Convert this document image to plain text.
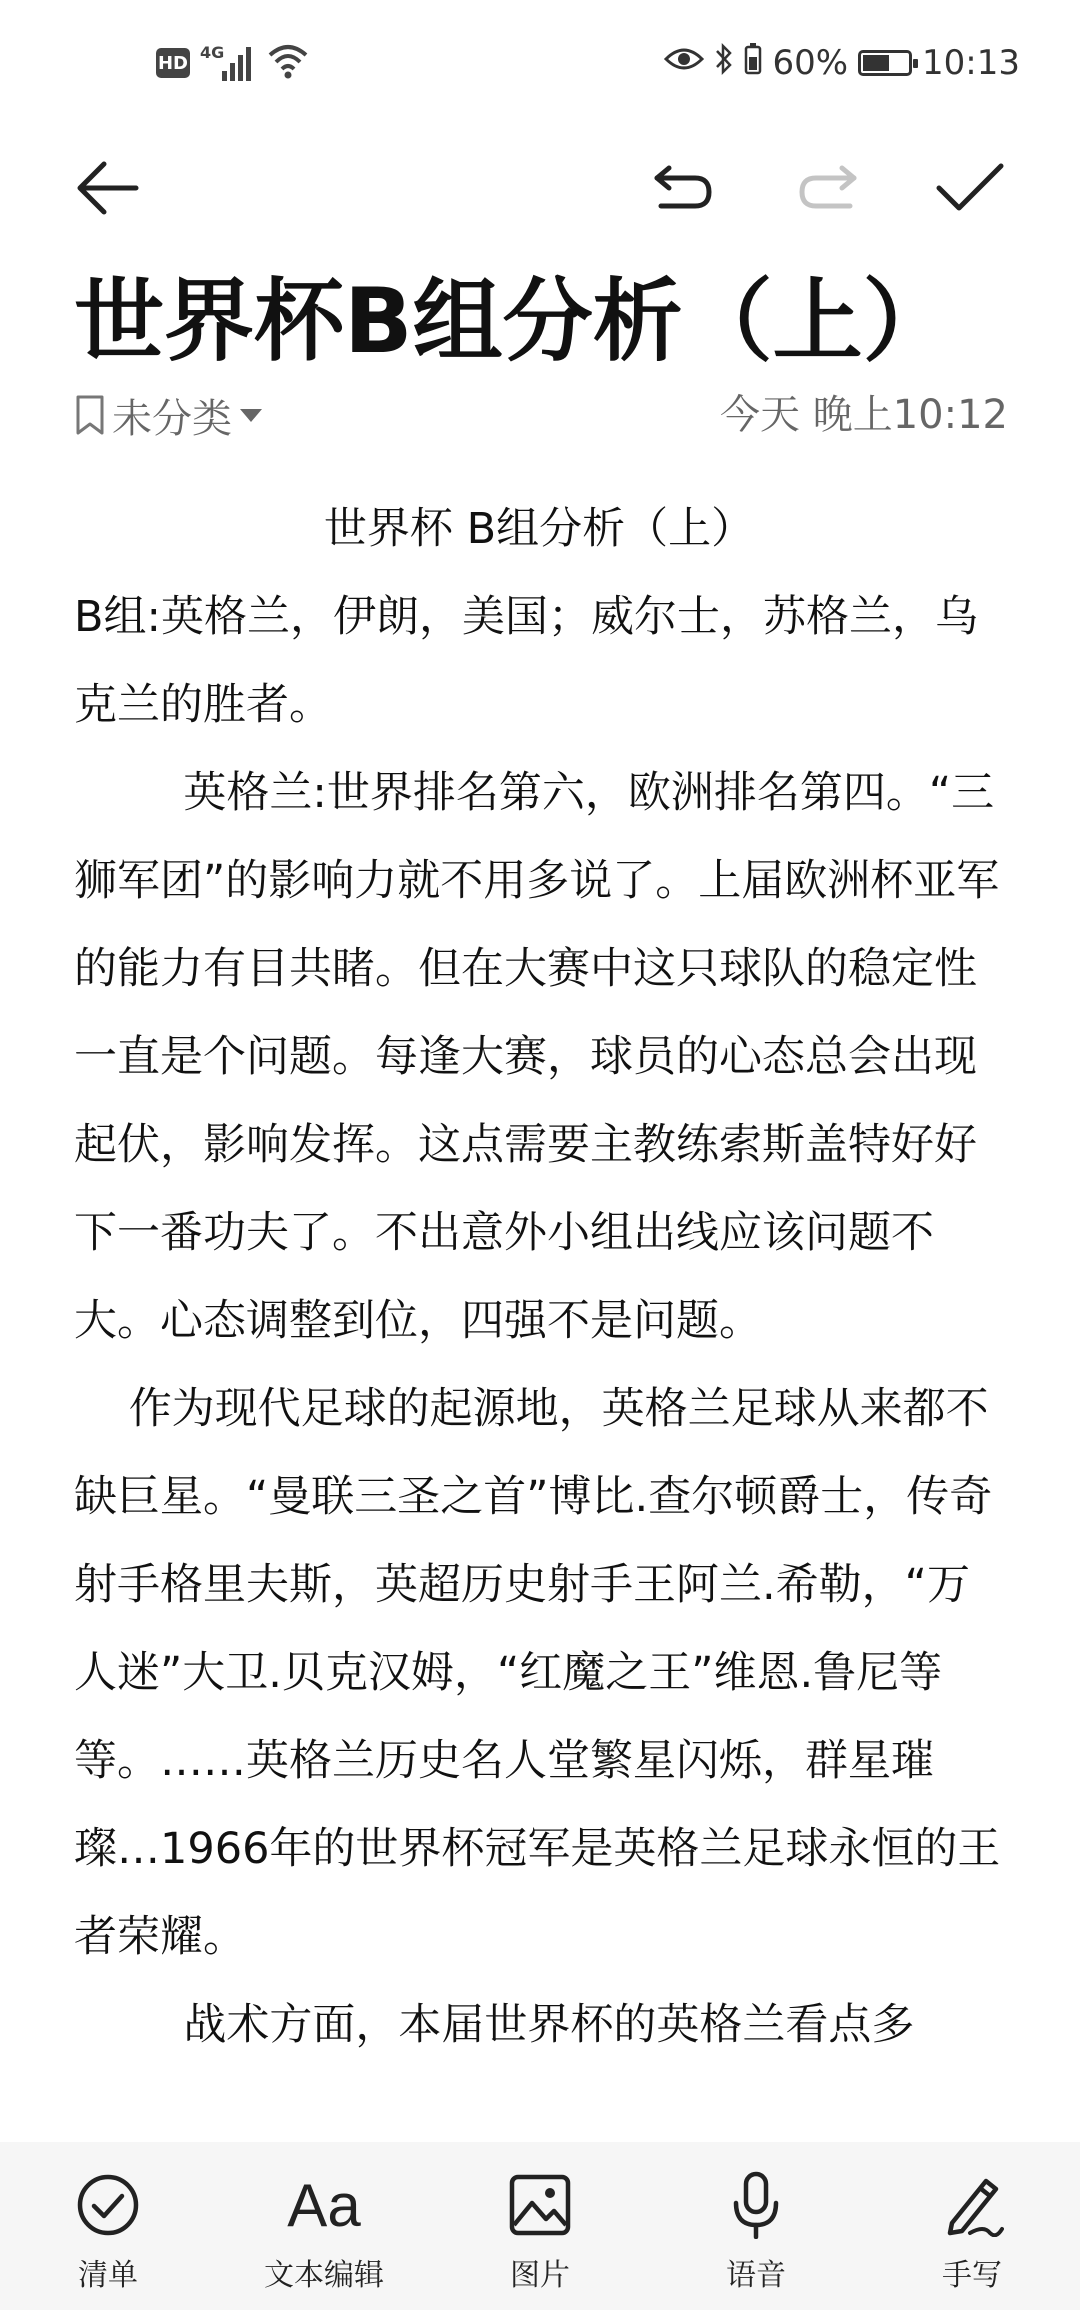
HD 4G	60% 10:13
世界杯B组分析（上）
未分类	今天 晚上10:12

世界杯 B组分析（上）

B组:英格兰，伊朗，美国；威尔士，苏格兰，乌克兰的胜者。

英格兰:世界排名第六，欧洲排名第四。“三狮军团”的影响力就不用多说了。上届欧洲杯亚军的能力有目共睹。但在大赛中这只球队的稳定性一直是个问题。每逢大赛，球员的心态总会出现起伏，影响发挥。这点需要主教练索斯盖特好好下一番功夫了。不出意外小组出线应该问题不大。心态调整到位，四强不是问题。

作为现代足球的起源地，英格兰足球从来都不缺巨星。“曼联三圣之首”博比.查尔顿爵士，传奇射手格里夫斯，英超历史射手王阿兰.希勒，“万人迷”大卫.贝克汉姆，“红魔之王”维恩.鲁尼等等。……英格兰历史名人堂繁星闪烁，群星璀璨…1966年的世界杯冠军是英格兰足球永恒的王者荣耀。

战术方面，本届世界杯的英格兰看点多

清单
Aa
文本编辑	图片	语音	手写
